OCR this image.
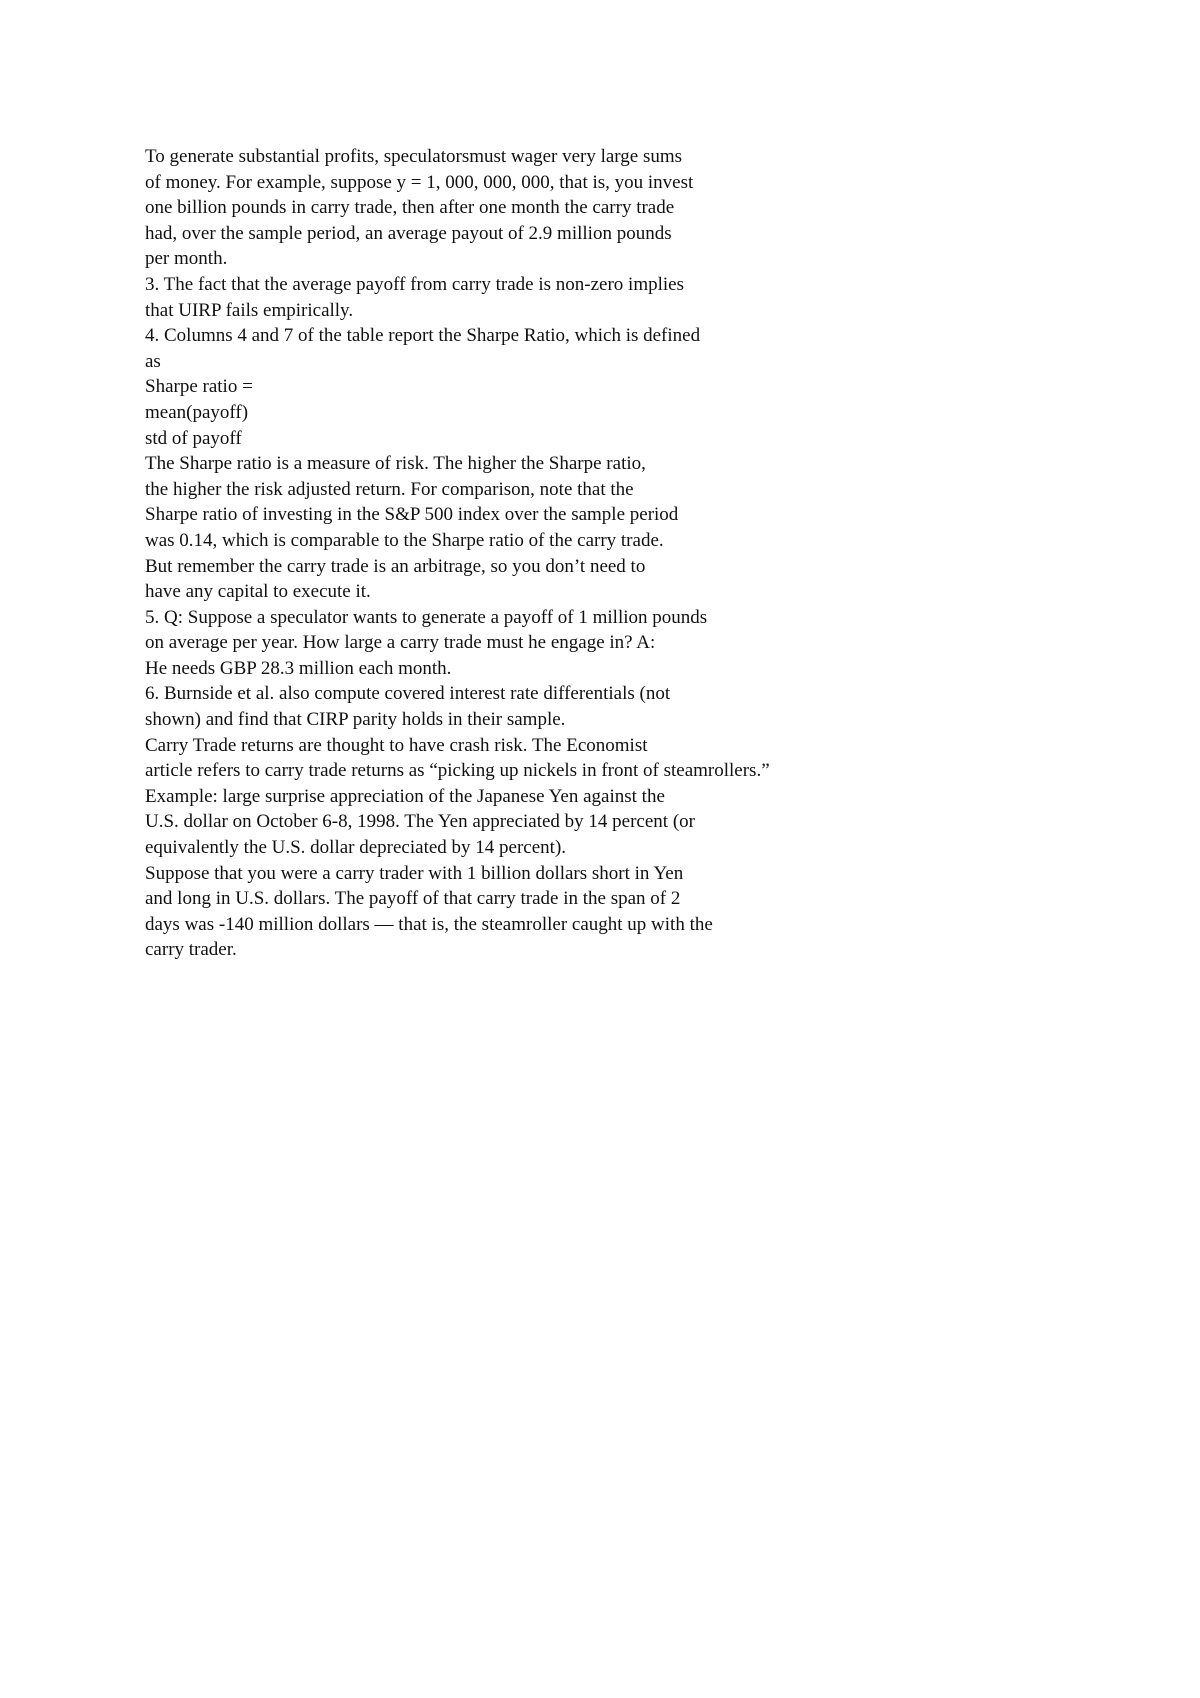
To generate substantial profits, speculatorsmust wager very large sums
of money. For example, suppose y = 1, 000, 000, 000, that is, you invest
one billion pounds in carry trade, then after one month the carry trade
had, over the sample period, an average payout of 2.9 million pounds
per month.
3. The fact that the average payoff from carry trade is non-zero implies
that UIRP fails empirically.
4. Columns 4 and 7 of the table report the Sharpe Ratio, which is defined
as
Sharpe ratio =
mean(payoff)
std of payoff
The Sharpe ratio is a measure of risk. The higher the Sharpe ratio,
the higher the risk adjusted return. For comparison, note that the
Sharpe ratio of investing in the S&P 500 index over the sample period
was 0.14, which is comparable to the Sharpe ratio of the carry trade.
But remember the carry trade is an arbitrage, so you don’t need to
have any capital to execute it.
5. Q: Suppose a speculator wants to generate a payoff of 1 million pounds
on average per year. How large a carry trade must he engage in? A:
He needs GBP 28.3 million each month.
6. Burnside et al. also compute covered interest rate differentials (not
shown) and find that CIRP parity holds in their sample.
Carry Trade returns are thought to have crash risk. The Economist
article refers to carry trade returns as “picking up nickels in front of steamrollers.”
Example: large surprise appreciation of the Japanese Yen against the
U.S. dollar on October 6-8, 1998. The Yen appreciated by 14 percent (or
equivalently the U.S. dollar depreciated by 14 percent).
Suppose that you were a carry trader with 1 billion dollars short in Yen
and long in U.S. dollars. The payoff of that carry trade in the span of 2
days was -140 million dollars — that is, the steamroller caught up with the
carry trader.
